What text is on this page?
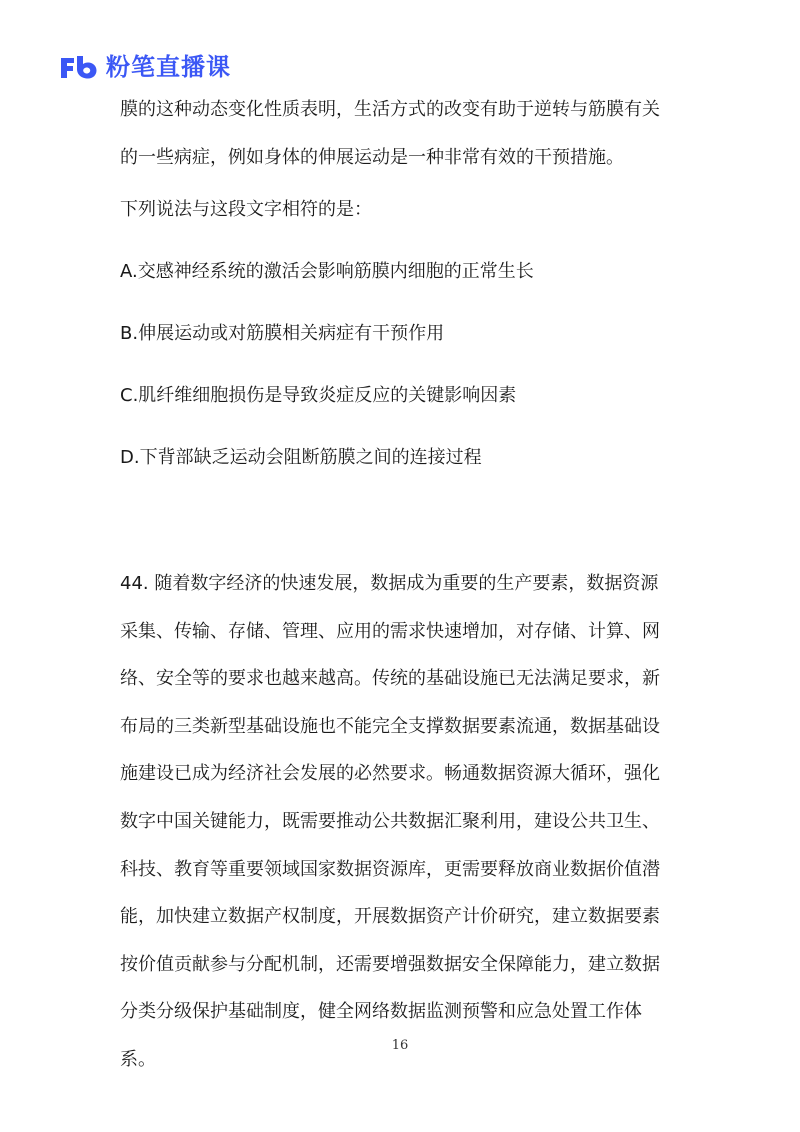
粉笔直播课
膜的这种动态变化性质表明，生活方式的改变有助于逆转与筋膜有关
的一些病症，例如身体的伸展运动是一种非常有效的干预措施。
下列说法与这段文字相符的是：
A.交感神经系统的激活会影响筋膜内细胞的正常生长
B.伸展运动或对筋膜相关病症有干预作用
C.肌纤维细胞损伤是导致炎症反应的关键影响因素
D.下背部缺乏运动会阻断筋膜之间的连接过程
44. 随着数字经济的快速发展，数据成为重要的生产要素，数据资源
采集、传输、存储、管理、应用的需求快速增加，对存储、计算、网
络、安全等的要求也越来越高。传统的基础设施已无法满足要求，新
布局的三类新型基础设施也不能完全支撑数据要素流通，数据基础设
施建设已成为经济社会发展的必然要求。畅通数据资源大循环，强化
数字中国关键能力，既需要推动公共数据汇聚利用，建设公共卫生、
科技、教育等重要领域国家数据资源库，更需要释放商业数据价值潜
能，加快建立数据产权制度，开展数据资产计价研究，建立数据要素
按价值贡献参与分配机制，还需要增强数据安全保障能力，建立数据
分类分级保护基础制度，健全网络数据监测预警和应急处置工作体
系。
16
